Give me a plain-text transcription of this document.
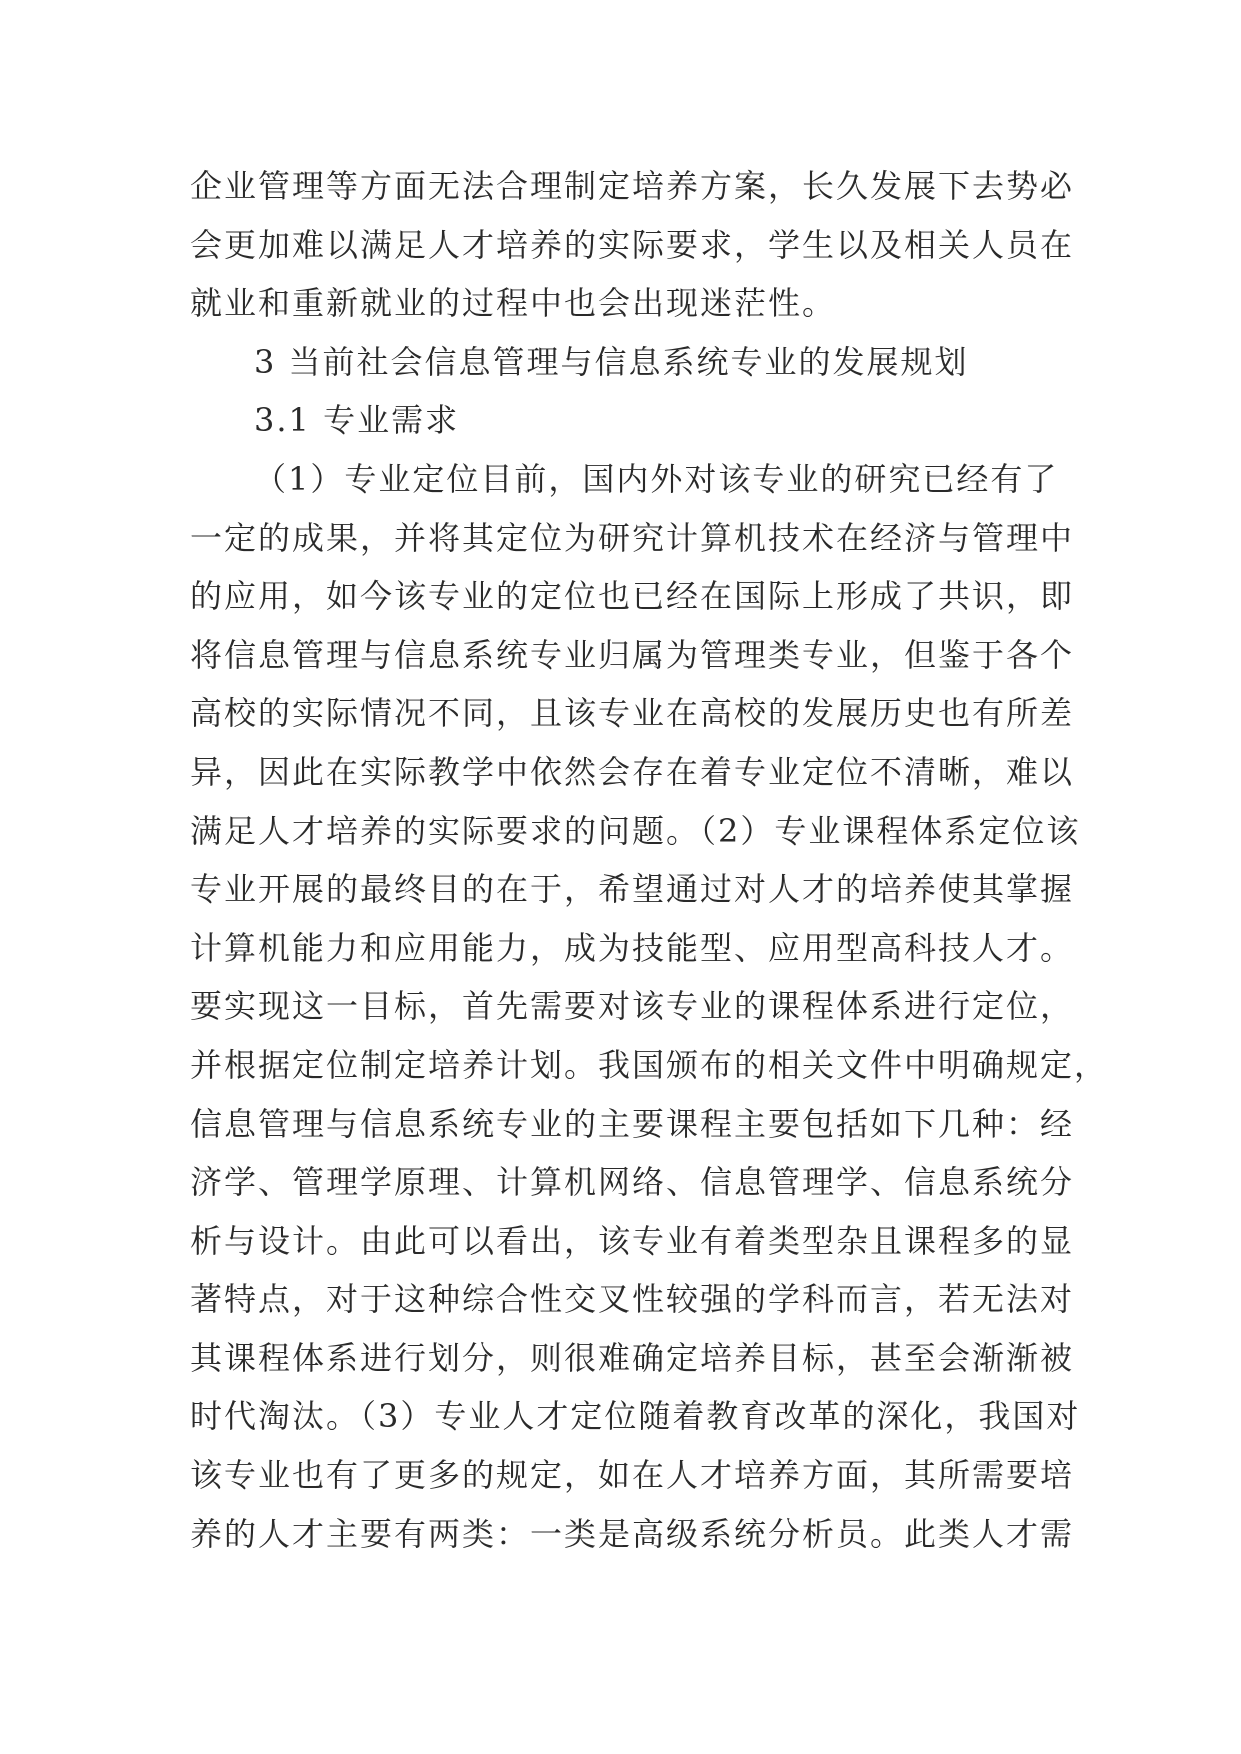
企业管理等方面无法合理制定培养方案，长久发展下去势必

会更加难以满足人才培养的实际要求，学生以及相关人员在

就业和重新就业的过程中也会出现迷茫性。

3 当前社会信息管理与信息系统专业的发展规划

3.1 专业需求

（1）专业定位目前，国内外对该专业的研究已经有了

一定的成果，并将其定位为研究计算机技术在经济与管理中

的应用，如今该专业的定位也已经在国际上形成了共识，即

将信息管理与信息系统专业归属为管理类专业，但鉴于各个

高校的实际情况不同，且该专业在高校的发展历史也有所差

异，因此在实际教学中依然会存在着专业定位不清晰，难以

满足人才培养的实际要求的问题。（2）专业课程体系定位该

专业开展的最终目的在于，希望通过对人才的培养使其掌握

计算机能力和应用能力，成为技能型、应用型高科技人才。

要实现这一目标，首先需要对该专业的课程体系进行定位，

并根据定位制定培养计划。我国颁布的相关文件中明确规定，

信息管理与信息系统专业的主要课程主要包括如下几种：经

济学、管理学原理、计算机网络、信息管理学、信息系统分

析与设计。由此可以看出，该专业有着类型杂且课程多的显

著特点，对于这种综合性交叉性较强的学科而言，若无法对

其课程体系进行划分，则很难确定培养目标，甚至会渐渐被

时代淘汰。（3）专业人才定位随着教育改革的深化，我国对

该专业也有了更多的规定，如在人才培养方面，其所需要培

养的人才主要有两类：一类是高级系统分析员。此类人才需
